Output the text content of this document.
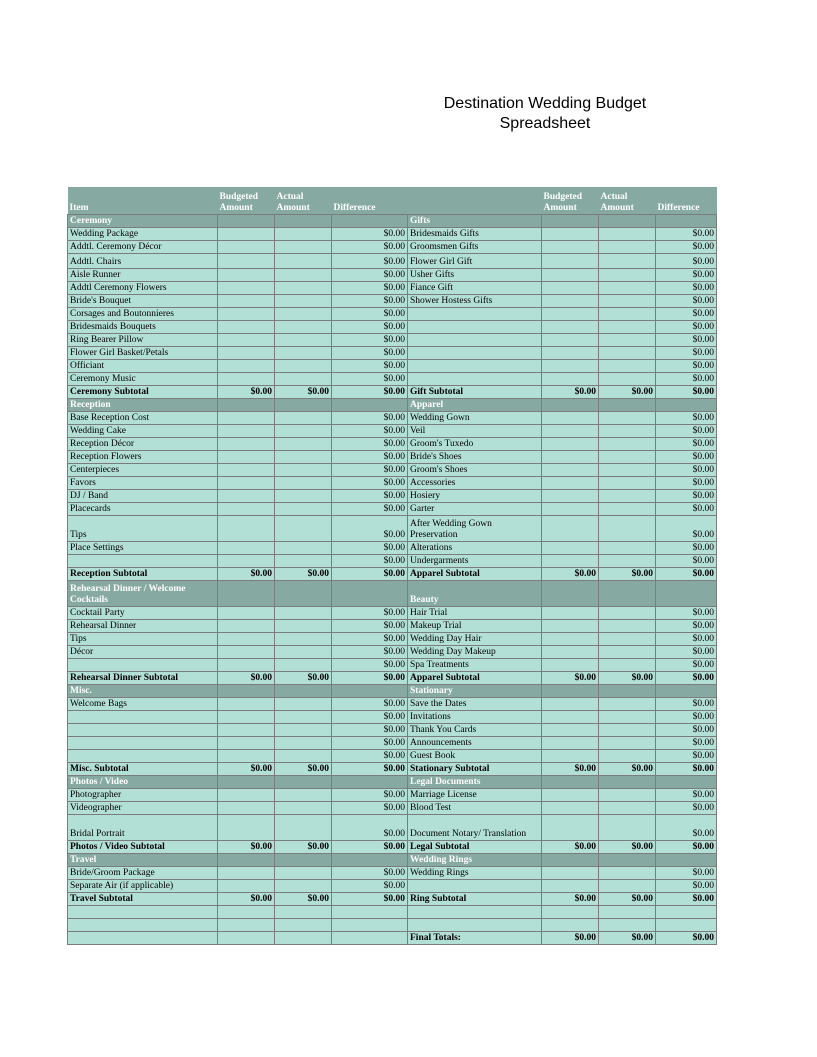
Destination Wedding Budget
Spreadsheet
Item	Budgeted Amount	Actual Amount	Difference		Budgeted Amount	Actual Amount	Difference
Ceremony				Gifts			
Wedding Package			$0.00	Bridesmaids Gifts			$0.00
Addtl. Ceremony Décor			$0.00	Groomsmen Gifts			$0.00
Addtl. Chairs			$0.00	Flower Girl Gift			$0.00
Aisle Runner			$0.00	Usher Gifts			$0.00
Addtl Ceremony Flowers			$0.00	Fiance Gift			$0.00
Bride's Bouquet			$0.00	Shower Hostess Gifts			$0.00
Corsages and Boutonnieres			$0.00				$0.00
Bridesmaids Bouquets			$0.00				$0.00
Ring Bearer Pillow			$0.00				$0.00
Flower Girl Basket/Petals			$0.00				$0.00
Officiant			$0.00				$0.00
Ceremony Music			$0.00				$0.00
Ceremony Subtotal	$0.00	$0.00	$0.00	Gift Subtotal	$0.00	$0.00	$0.00
Reception				Apparel			
Base Reception Cost			$0.00	Wedding Gown			$0.00
Wedding Cake			$0.00	Veil			$0.00
Reception Décor			$0.00	Groom's Tuxedo			$0.00
Reception Flowers			$0.00	Bride's Shoes			$0.00
Centerpieces			$0.00	Groom's Shoes			$0.00
Favors			$0.00	Accessories			$0.00
DJ / Band			$0.00	Hosiery			$0.00
Placecards			$0.00	Garter			$0.00
Tips			$0.00	After Wedding Gown Preservation			$0.00
Place Settings			$0.00	Alterations			$0.00
			$0.00	Undergarments			$0.00
Reception Subtotal	$0.00	$0.00	$0.00	Apparel Subtotal	$0.00	$0.00	$0.00
Rehearsal Dinner / Welcome Cocktails				Beauty			
Cocktail Party			$0.00	Hair Trial			$0.00
Rehearsal Dinner			$0.00	Makeup Trial			$0.00
Tips			$0.00	Wedding Day Hair			$0.00
Décor			$0.00	Wedding Day Makeup			$0.00
			$0.00	Spa Treatments			$0.00
Rehearsal Dinner Subtotal	$0.00	$0.00	$0.00	Apparel Subtotal	$0.00	$0.00	$0.00
Misc.				Stationary			
Welcome Bags			$0.00	Save the Dates			$0.00
			$0.00	Invitations			$0.00
			$0.00	Thank You Cards			$0.00
			$0.00	Announcements			$0.00
			$0.00	Guest Book			$0.00
Misc. Subtotal	$0.00	$0.00	$0.00	Stationary Subtotal	$0.00	$0.00	$0.00
Photos / Video				Legal Documents			
Photographer			$0.00	Marriage License			$0.00
Videographer			$0.00	Blood Test			$0.00
Bridal Portrait			$0.00	Document Notary/ Translation			$0.00
Photos / Video Subtotal	$0.00	$0.00	$0.00	Legal Subtotal	$0.00	$0.00	$0.00
Travel				Wedding Rings			
Bride/Groom Package			$0.00	Wedding Rings			$0.00
Separate Air (if applicable)			$0.00				$0.00
Travel Subtotal	$0.00	$0.00	$0.00	Ring Subtotal	$0.00	$0.00	$0.00

				Final Totals:	$0.00	$0.00	$0.00
